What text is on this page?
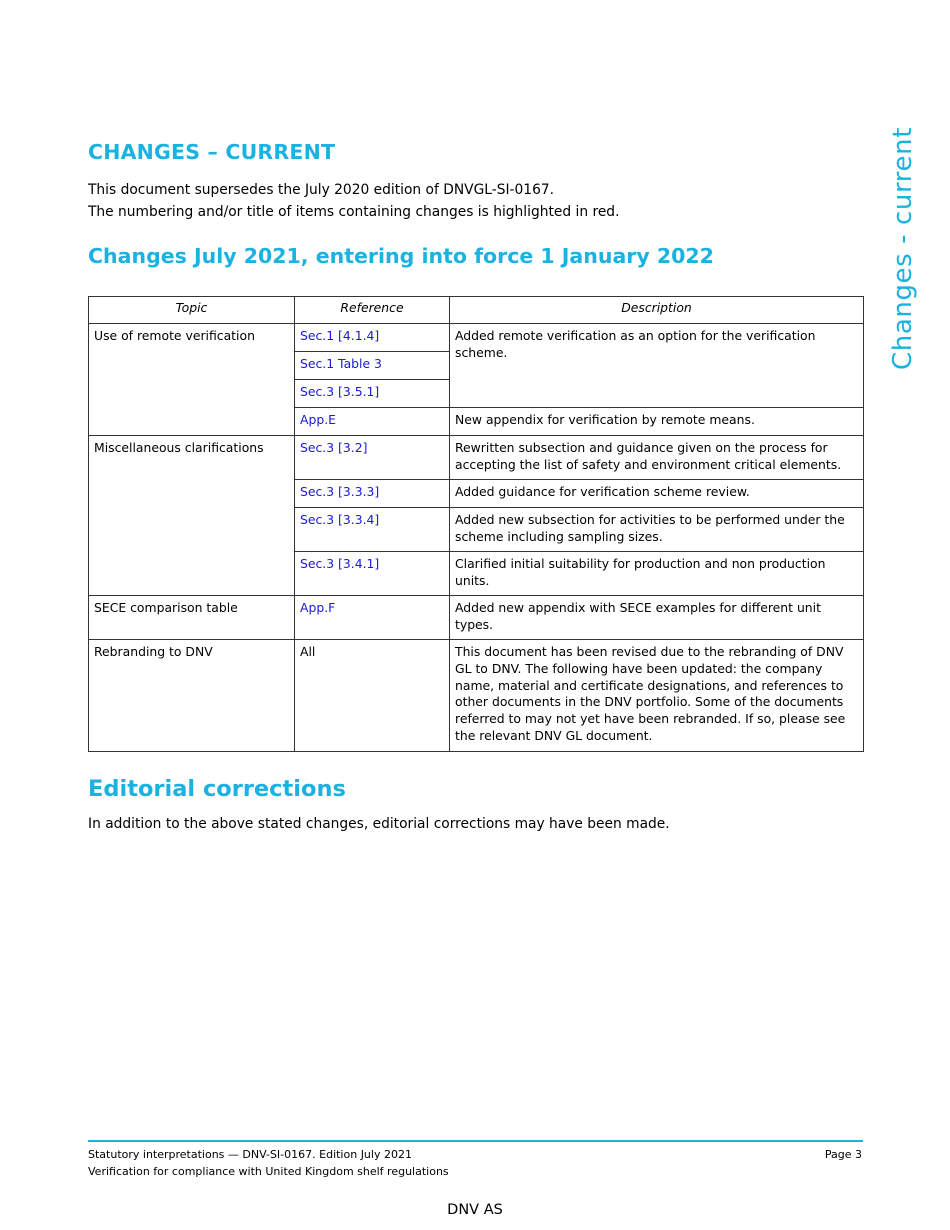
CHANGES – CURRENT
This document supersedes the July 2020 edition of DNVGL-SI-0167.
The numbering and/or title of items containing changes is highlighted in red.
Changes July 2021, entering into force 1 January 2022
Topic	Reference	Description
Use of remote verification	Sec.1 [4.1.4]	Added remote verification as an option for the verification scheme.
	Sec.1 Table 3	
	Sec.3 [3.5.1]	
	App.E	New appendix for verification by remote means.
Miscellaneous clarifications	Sec.3 [3.2]	Rewritten subsection and guidance given on the process for accepting the list of safety and environment critical elements.
	Sec.3 [3.3.3]	Added guidance for verification scheme review.
	Sec.3 [3.3.4]	Added new subsection for activities to be performed under the scheme including sampling sizes.
	Sec.3 [3.4.1]	Clarified initial suitability for production and non production units.
SECE comparison table	App.F	Added new appendix with SECE examples for different unit types.
Rebranding to DNV	All	This document has been revised due to the rebranding of DNV GL to DNV. The following have been updated: the company name, material and certificate designations, and references to other documents in the DNV portfolio. Some of the documents referred to may not yet have been rebranded. If so, please see the relevant DNV GL document.
Editorial corrections
In addition to the above stated changes, editorial corrections may have been made.
Changes - current
Statutory interpretations — DNV-SI-0167. Edition July 2021
Verification for compliance with United Kingdom shelf regulations
Page 3
DNV AS
